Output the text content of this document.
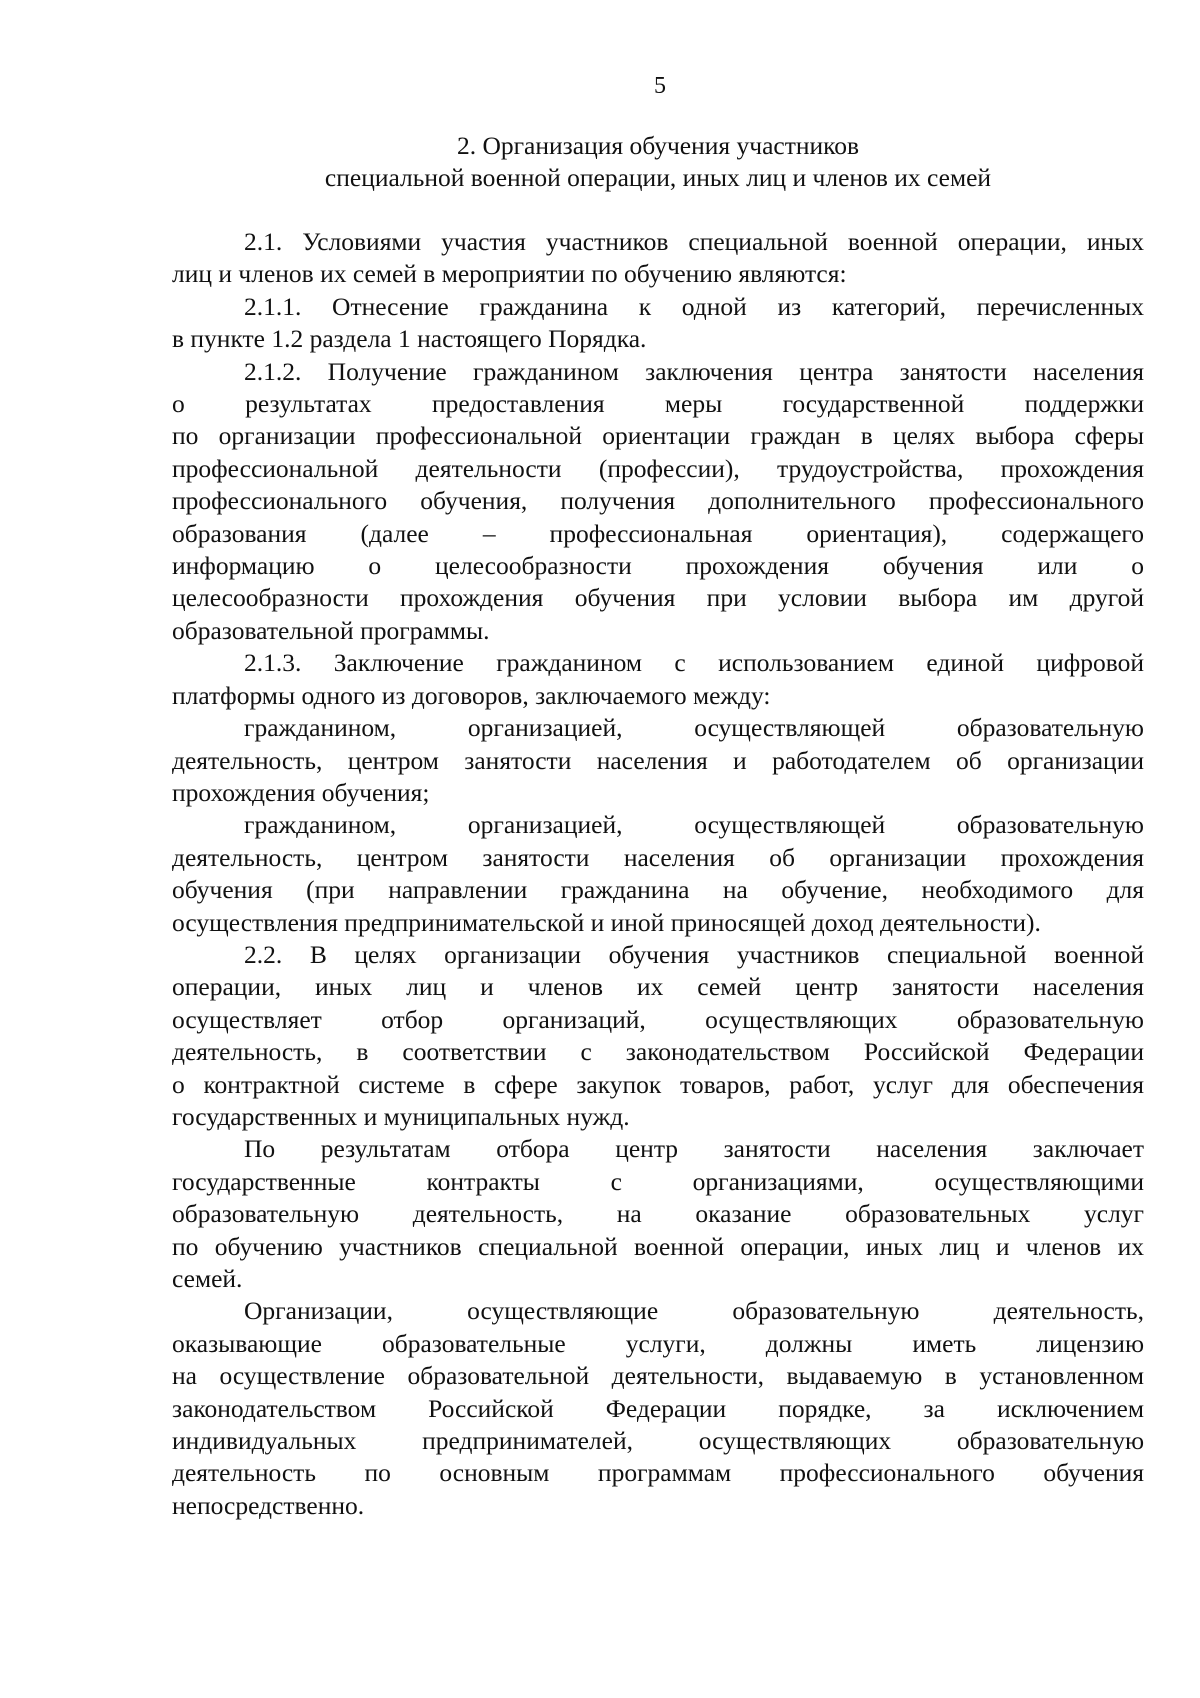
5
2. Организация обучения участников
специальной военной операции, иных лиц и членов их семей
2.1. Условиями участия участников специальной военной операции, иных
лиц и членов их семей в мероприятии по обучению являются:
2.1.1. Отнесение гражданина к одной из категорий, перечисленных
в пункте 1.2 раздела 1 настоящего Порядка.
2.1.2. Получение гражданином заключения центра занятости населения
о результатах предоставления меры государственной поддержки
по организации профессиональной ориентации граждан в целях выбора сферы
профессиональной деятельности (профессии), трудоустройства, прохождения
профессионального обучения, получения дополнительного профессионального
образования (далее – профессиональная ориентация), содержащего
информацию о целесообразности прохождения обучения или о
целесообразности прохождения обучения при условии выбора им другой
образовательной программы.
2.1.3. Заключение гражданином с использованием единой цифровой
платформы одного из договоров, заключаемого между:
гражданином, организацией, осуществляющей образовательную
деятельность, центром занятости населения и работодателем об организации
прохождения обучения;
гражданином, организацией, осуществляющей образовательную
деятельность, центром занятости населения об организации прохождения
обучения (при направлении гражданина на обучение, необходимого для
осуществления предпринимательской и иной приносящей доход деятельности).
2.2. В целях организации обучения участников специальной военной
операции, иных лиц и членов их семей центр занятости населения
осуществляет отбор организаций, осуществляющих образовательную
деятельность, в соответствии с законодательством Российской Федерации
о контрактной системе в сфере закупок товаров, работ, услуг для обеспечения
государственных и муниципальных нужд.
По результатам отбора центр занятости населения заключает
государственные контракты с организациями, осуществляющими
образовательную деятельность, на оказание образовательных услуг
по обучению участников специальной военной операции, иных лиц и членов их
семей.
Организации, осуществляющие образовательную деятельность,
оказывающие образовательные услуги, должны иметь лицензию
на осуществление образовательной деятельности, выдаваемую в установленном
законодательством Российской Федерации порядке, за исключением
индивидуальных предпринимателей, осуществляющих образовательную
деятельность по основным программам профессионального обучения
непосредственно.
